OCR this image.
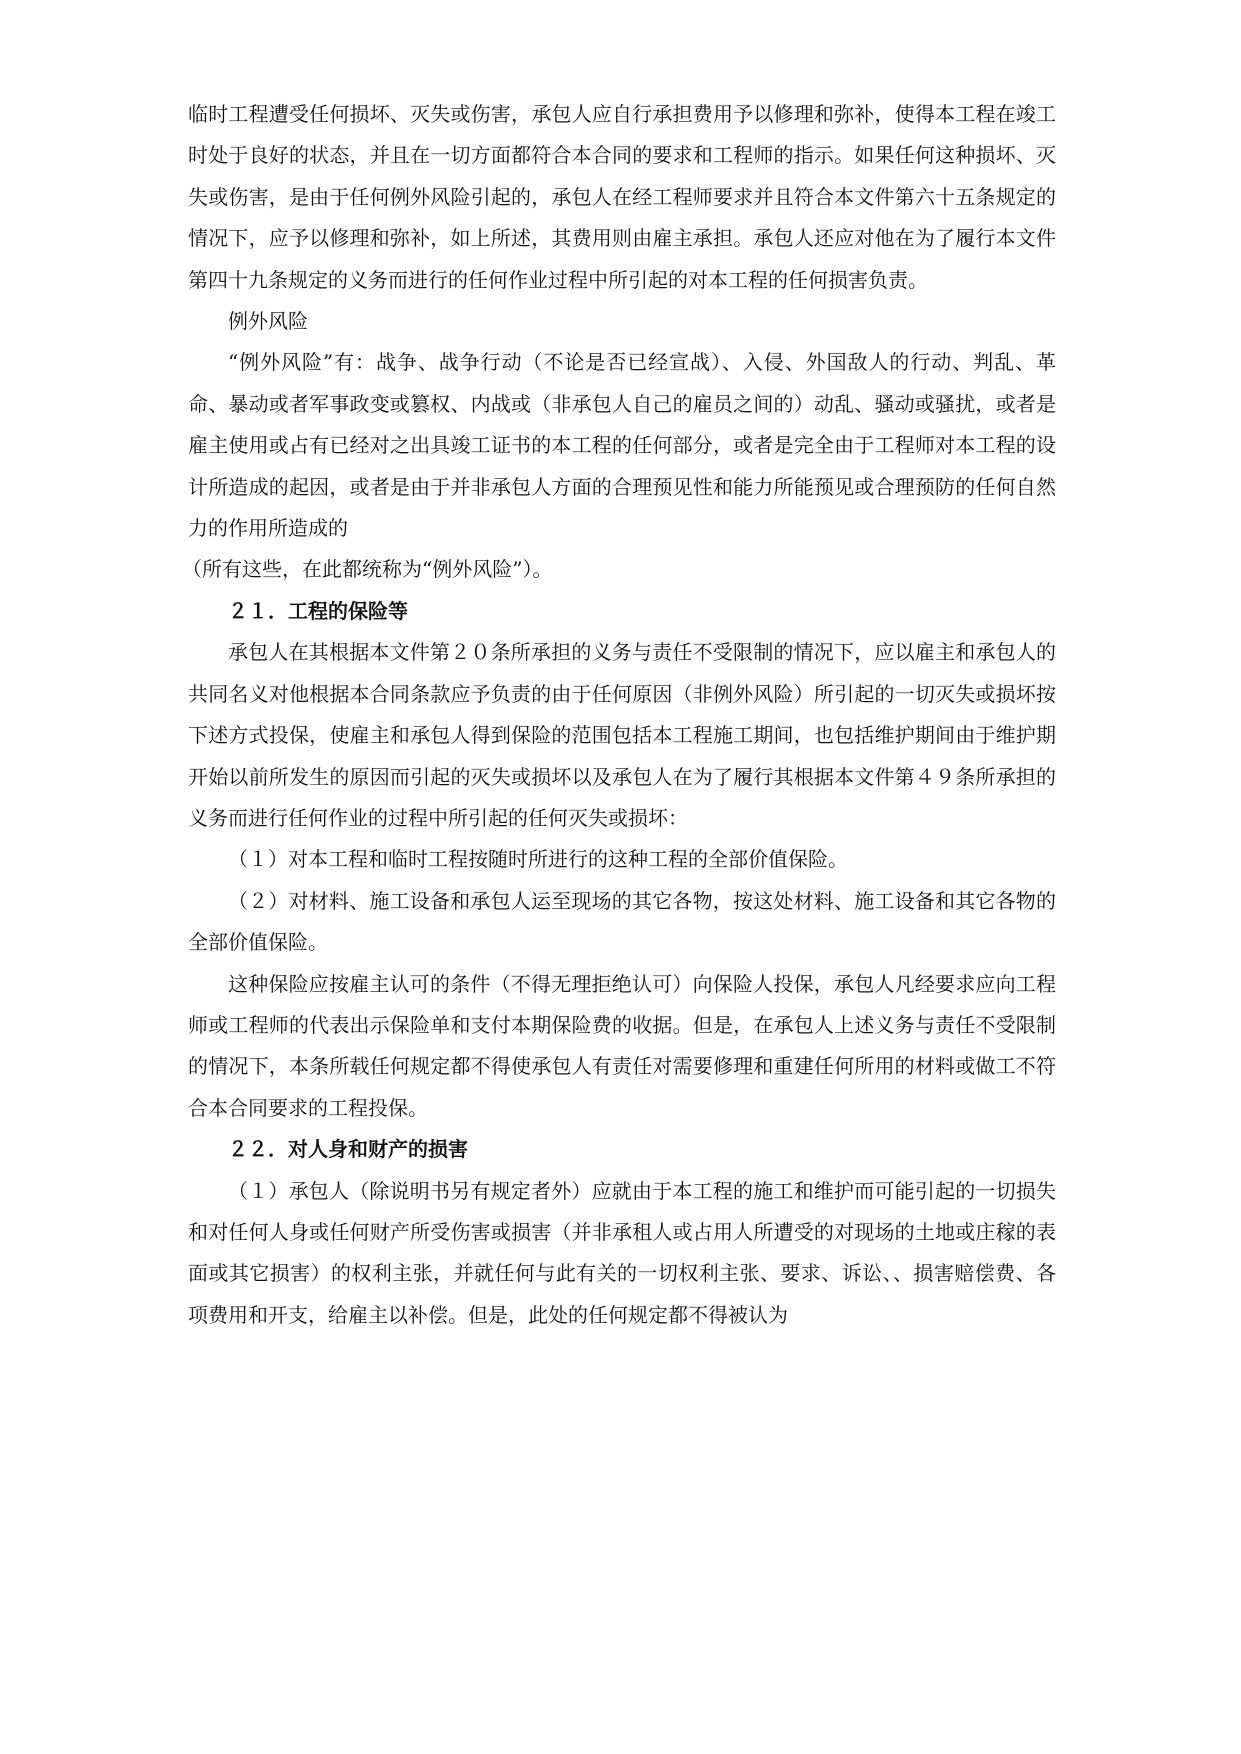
临时工程遭受任何损坏、灭失或伤害，承包人应自行承担费用予以修理和弥补，使得本工程在竣工时处于良好的状态，并且在一切方面都符合本合同的要求和工程师的指示。如果任何这种损坏、灭失或伤害，是由于任何例外风险引起的，承包人在经工程师要求并且符合本文件第六十五条规定的情况下，应予以修理和弥补，如上所述，其费用则由雇主承担。承包人还应对他在为了履行本文件第四十九条规定的义务而进行的任何作业过程中所引起的对本工程的任何损害负责。

例外风险

“例外风险”有：战争、战争行动（不论是否已经宣战）、入侵、外国敌人的行动、判乱、革命、暴动或者军事政变或篡权、内战或（非承包人自己的雇员之间的）动乱、骚动或骚扰，或者是雇主使用或占有已经对之出具竣工证书的本工程的任何部分，或者是完全由于工程师对本工程的设计所造成的起因，或者是由于并非承包人方面的合理预见性和能力所能预见或合理预防的任何自然力的作用所造成的

（所有这些，在此都统称为“例外风险”）。

２１．工程的保险等

承包人在其根据本文件第２０条所承担的义务与责任不受限制的情况下，应以雇主和承包人的共同名义对他根据本合同条款应予负责的由于任何原因（非例外风险）所引起的一切灭失或损坏按下述方式投保，使雇主和承包人得到保险的范围包括本工程施工期间，也包括维护期间由于维护期开始以前所发生的原因而引起的灭失或损坏以及承包人在为了履行其根据本文件第４９条所承担的义务而进行任何作业的过程中所引起的任何灭失或损坏：

（１）对本工程和临时工程按随时所进行的这种工程的全部价值保险。

（２）对材料、施工设备和承包人运至现场的其它各物，按这处材料、施工设备和其它各物的全部价值保险。

这种保险应按雇主认可的条件（不得无理拒绝认可）向保险人投保，承包人凡经要求应向工程师或工程师的代表出示保险单和支付本期保险费的收据。但是，在承包人上述义务与责任不受限制的情况下，本条所载任何规定都不得使承包人有责任对需要修理和重建任何所用的材料或做工不符合本合同要求的工程投保。

２２．对人身和财产的损害

（１）承包人（除说明书另有规定者外）应就由于本工程的施工和维护而可能引起的一切损失和对任何人身或任何财产所受伤害或损害（并非承租人或占用人所遭受的对现场的土地或庄稼的表面或其它损害）的权利主张，并就任何与此有关的一切权利主张、要求、诉讼、、损害赔偿费、各项费用和开支，给雇主以补偿。但是，此处的任何规定都不得被认为
